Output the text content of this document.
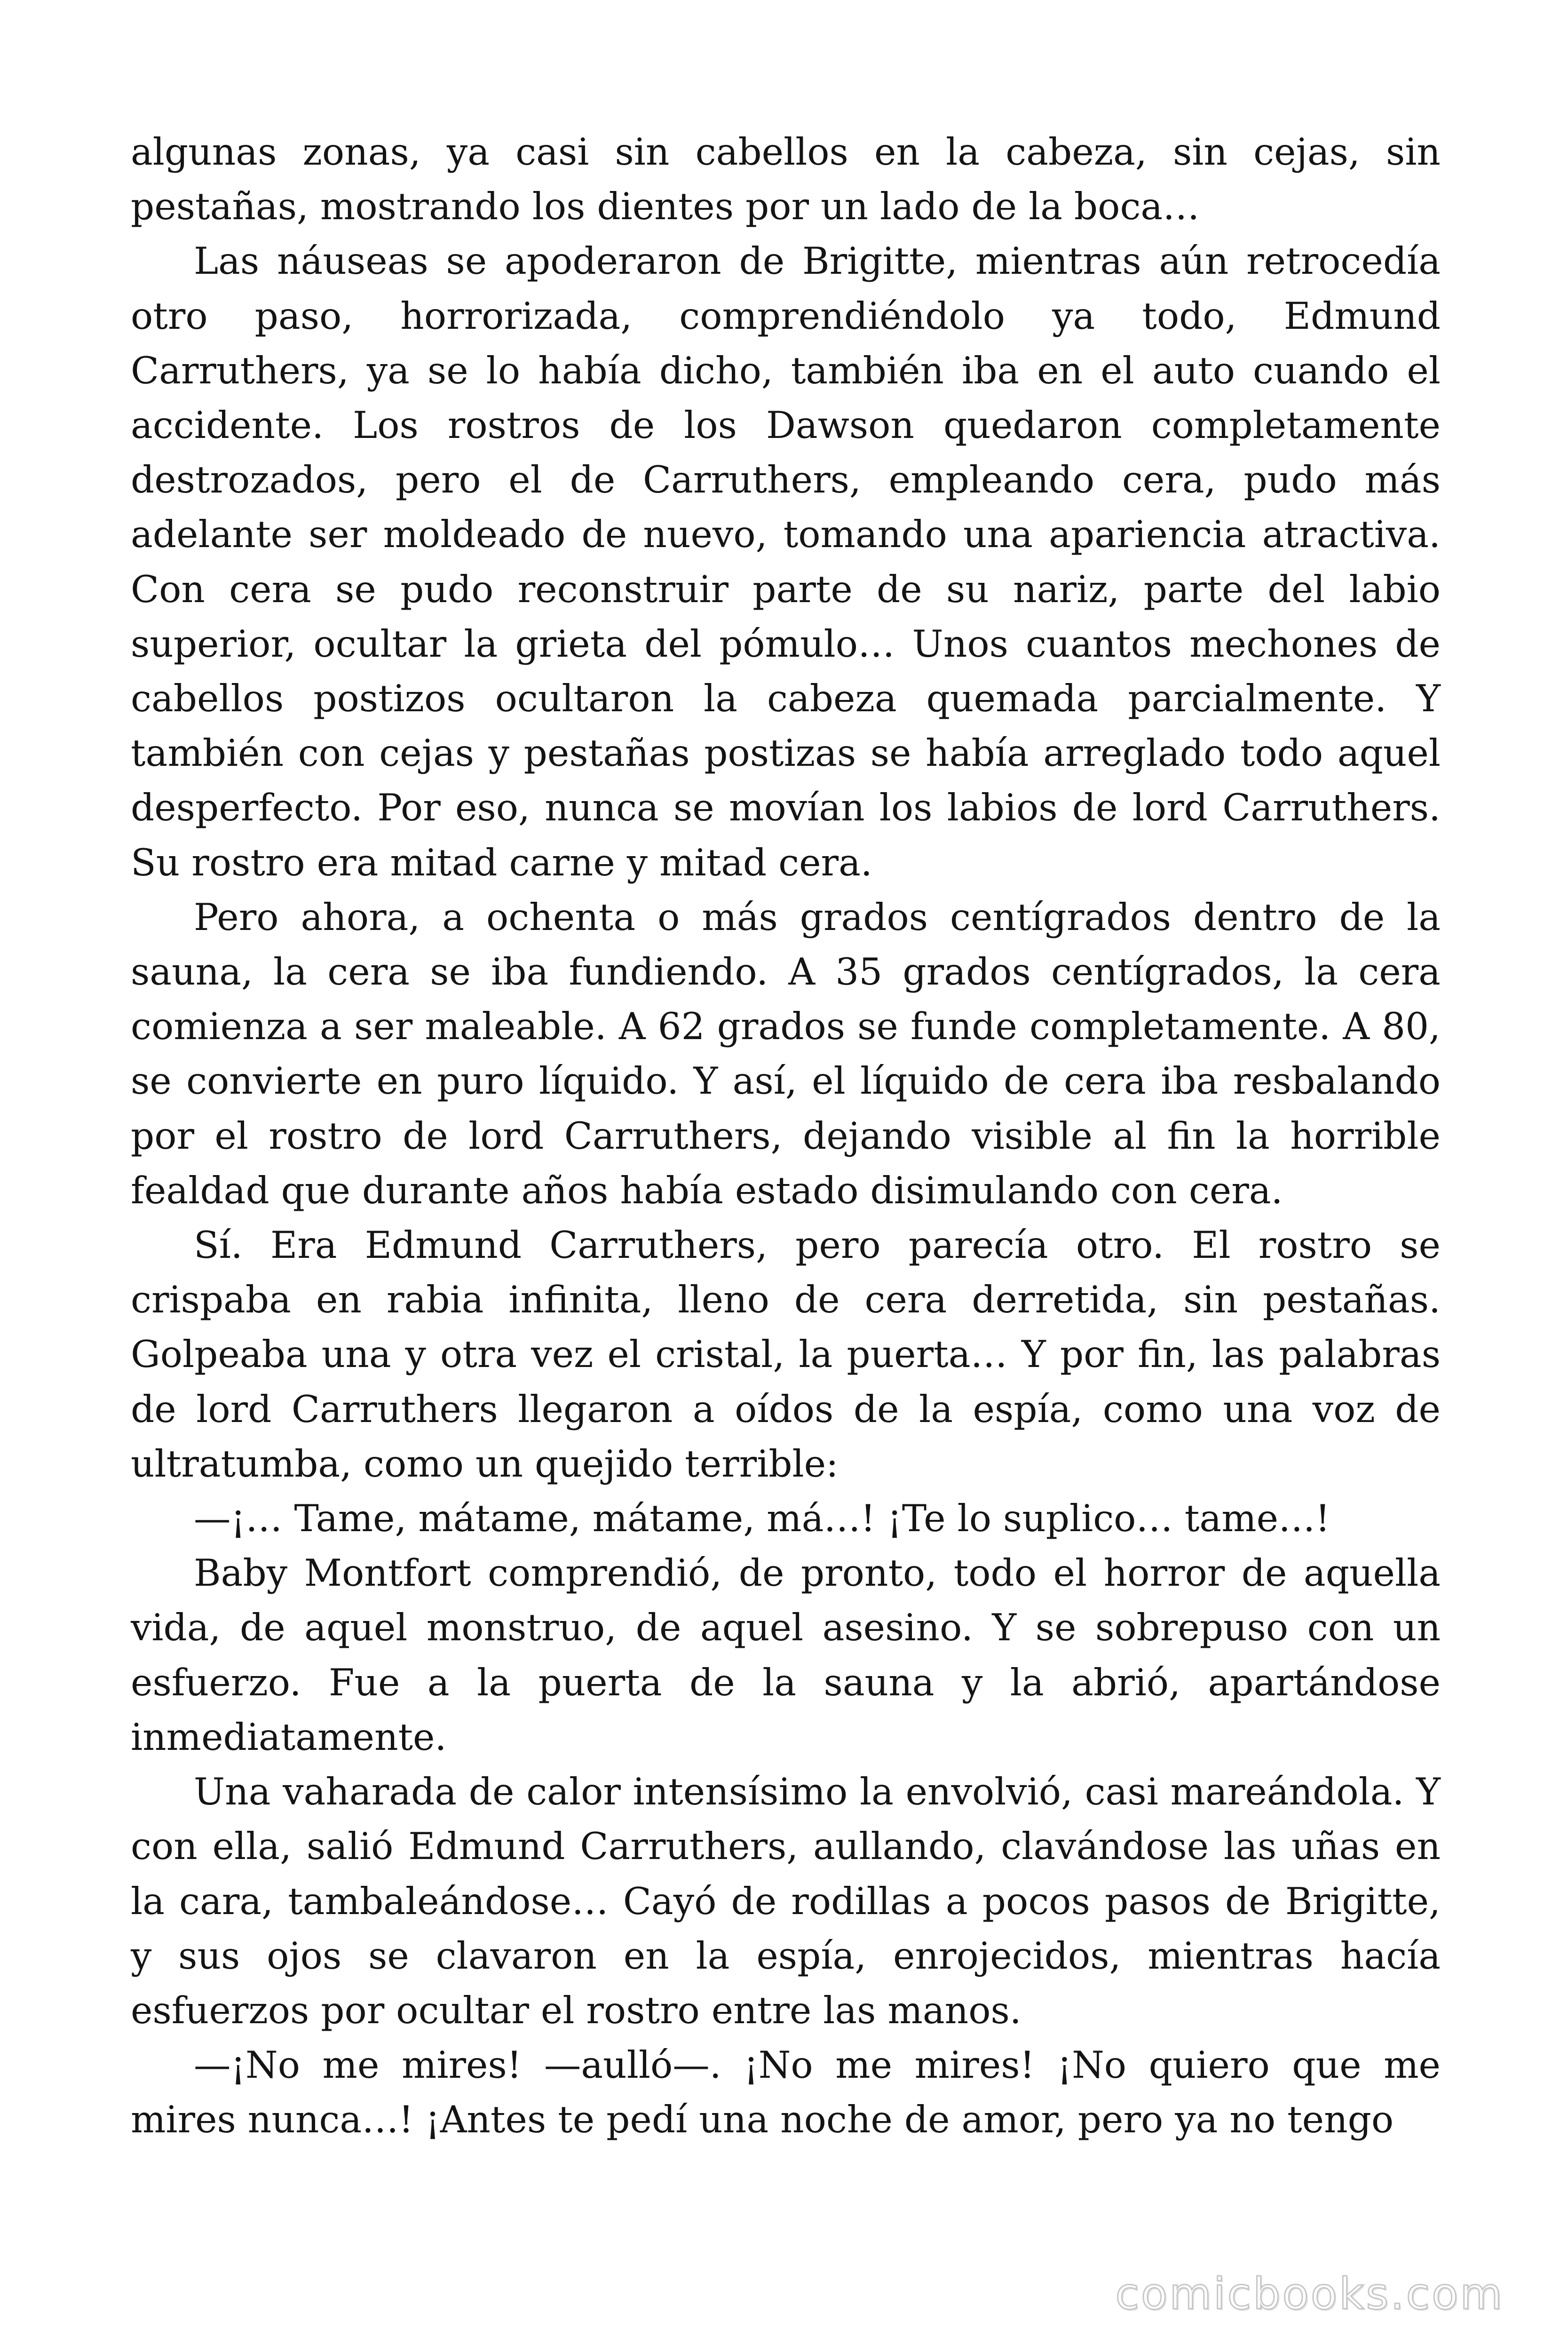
algunas zonas, ya casi sin cabellos en la cabeza, sin cejas, sin pestañas, mostrando los dientes por un lado de la boca…

Las náuseas se apoderaron de Brigitte, mientras aún retrocedía otro paso, horrorizada, comprendiéndolo ya todo, Edmund Carruthers, ya se lo había dicho, también iba en el auto cuando el accidente. Los rostros de los Dawson quedaron completamente destrozados, pero el de Carruthers, empleando cera, pudo más adelante ser moldeado de nuevo, tomando una apariencia atractiva. Con cera se pudo reconstruir parte de su nariz, parte del labio superior, ocultar la grieta del pómulo… Unos cuantos mechones de cabellos postizos ocultaron la cabeza quemada parcialmente. Y también con cejas y pestañas postizas se había arreglado todo aquel desperfecto. Por eso, nunca se movían los labios de lord Carruthers. Su rostro era mitad carne y mitad cera.

Pero ahora, a ochenta o más grados centígrados dentro de la sauna, la cera se iba fundiendo. A 35 grados centígrados, la cera comienza a ser maleable. A 62 grados se funde completamente. A 80, se convierte en puro líquido. Y así, el líquido de cera iba resbalando por el rostro de lord Carruthers, dejando visible al fin la horrible fealdad que durante años había estado disimulando con cera.

Sí. Era Edmund Carruthers, pero parecía otro. El rostro se crispaba en rabia infinita, lleno de cera derretida, sin pestañas. Golpeaba una y otra vez el cristal, la puerta… Y por fin, las palabras de lord Carruthers llegaron a oídos de la espía, como una voz de ultratumba, como un quejido terrible:

—¡… Tame, mátame, mátame, má…! ¡Te lo suplico… tame…!

Baby Montfort comprendió, de pronto, todo el horror de aquella vida, de aquel monstruo, de aquel asesino. Y se sobrepuso con un esfuerzo. Fue a la puerta de la sauna y la abrió, apartándose inmediatamente.

Una vaharada de calor intensísimo la envolvió, casi mareándola. Y con ella, salió Edmund Carruthers, aullando, clavándose las uñas en la cara, tambaleándose… Cayó de rodillas a pocos pasos de Brigitte, y sus ojos se clavaron en la espía, enrojecidos, mientras hacía esfuerzos por ocultar el rostro entre las manos.

—¡No me mires! —aulló—. ¡No me mires! ¡No quiero que me mires nunca…! ¡Antes te pedí una noche de amor, pero ya no tengo

comicbooks.com
